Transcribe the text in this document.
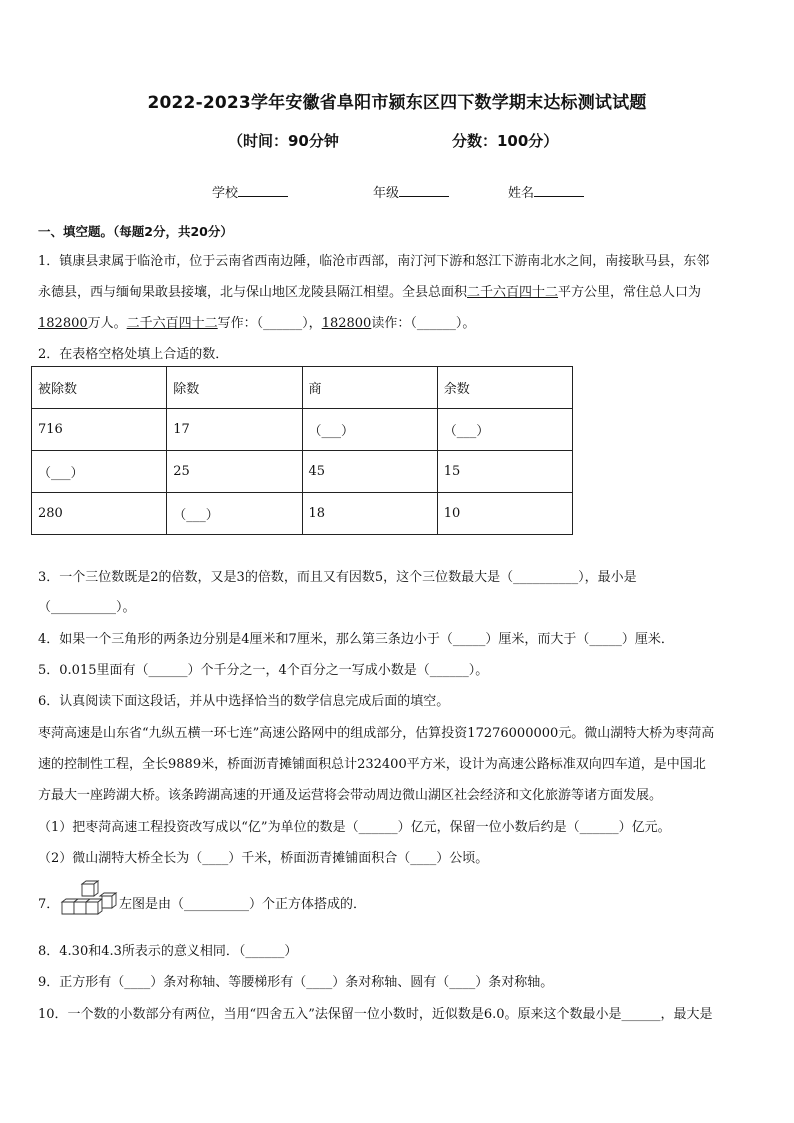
2022-2023学年安徽省阜阳市颍东区四下数学期末达标测试试题
（时间：90分钟	分数：100分）
学校	年级	姓名
一、填空题。（每题2分，共20分）
1．镇康县隶属于临沧市，位于云南省西南边陲，临沧市西部，南汀河下游和怒江下游南北水之间，南接耿马县，东邻
永德县，西与缅甸果敢县接壤，北与保山地区龙陵县隔江相望。全县总面积二千六百四十二平方公里，常住总人口为
182800万人。二千六百四十二写作：（______），182800读作：（______）。
2．在表格空格处填上合适的数．
被除数	除数	商	余数
716	17	（___）	（___）
（___）	25	45	15
280	（___）	18	10
3．一个三位数既是2的倍数，又是3的倍数，而且又有因数5，这个三位数最大是（__________），最小是
（__________）。
4．如果一个三角形的两条边分别是4厘米和7厘米，那么第三条边小于（_____）厘米，而大于（_____）厘米．
5．0.015里面有（______）个千分之一，4个百分之一写成小数是（______）。
6．认真阅读下面这段话，并从中选择恰当的数学信息完成后面的填空。
枣菏高速是山东省“九纵五横一环七连”高速公路网中的组成部分，估算投资17276000000元。微山湖特大桥为枣菏高
速的控制性工程，全长9889米，桥面沥青摊铺面积总计232400平方米，设计为高速公路标准双向四车道，是中国北
方最大一座跨湖大桥。该条跨湖高速的开通及运营将会带动周边微山湖区社会经济和文化旅游等诸方面发展。
（1）把枣菏高速工程投资改写成以“亿”为单位的数是（______）亿元，保留一位小数后约是（______）亿元。
（2）微山湖特大桥全长为（____）千米，桥面沥青摊铺面积合（____）公顷。
7．	左图是由（__________）个正方体搭成的．
8．4.30和4.3所表示的意义相同．（______）
9．正方形有（____）条对称轴、等腰梯形有（____）条对称轴、圆有（____）条对称轴。
10．一个数的小数部分有两位，当用“四舍五入”法保留一位小数时，近似数是6.0。原来这个数最小是______，最大是
